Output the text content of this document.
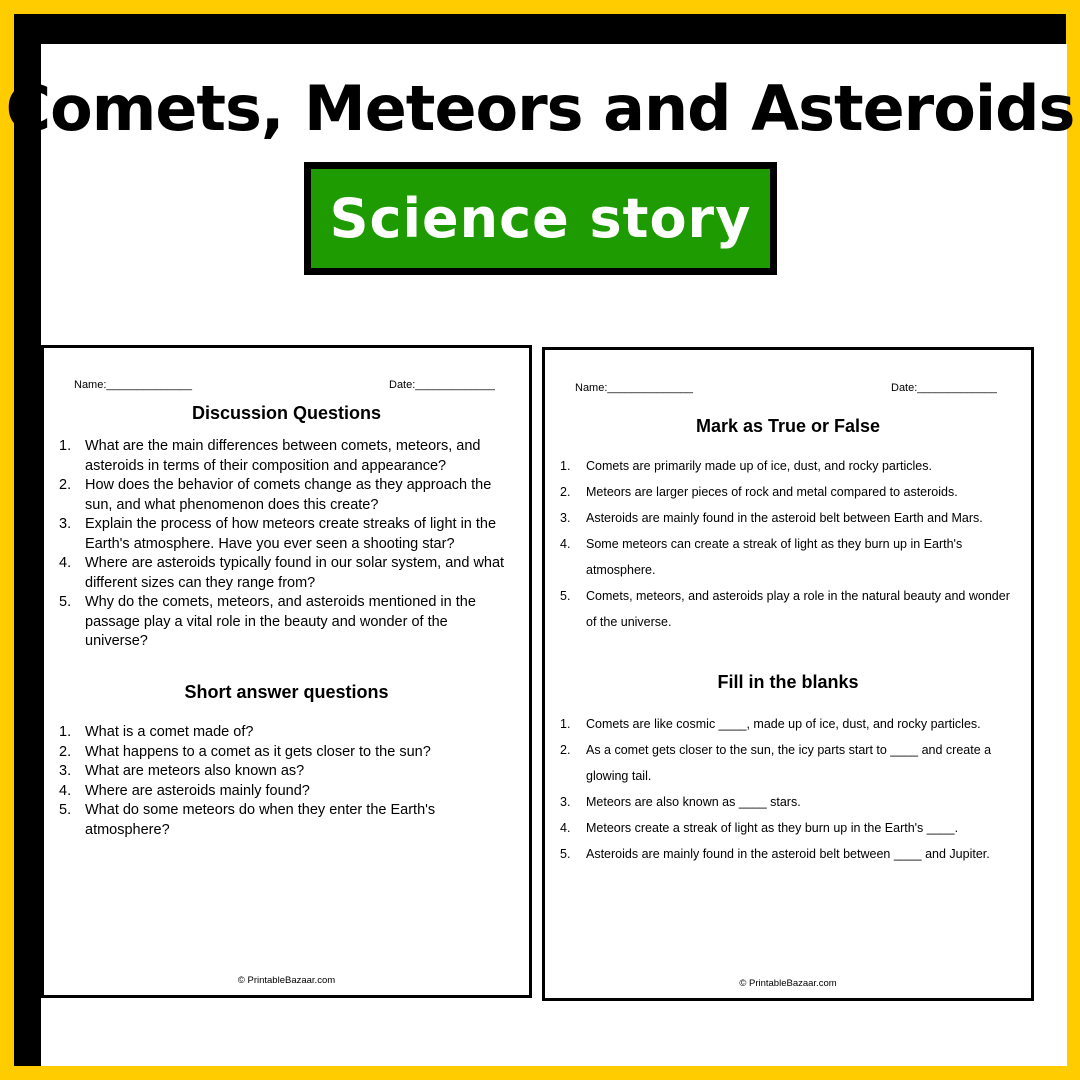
Comets, Meteors and Asteroids
Science story
Name:______________	Date:_____________
Discussion Questions
1. What are the main differences between comets, meteors, and asteroids in terms of their composition and appearance?
2. How does the behavior of comets change as they approach the sun, and what phenomenon does this create?
3. Explain the process of how meteors create streaks of light in the Earth's atmosphere. Have you ever seen a shooting star?
4. Where are asteroids typically found in our solar system, and what different sizes can they range from?
5. Why do the comets, meteors, and asteroids mentioned in the passage play a vital role in the beauty and wonder of the universe?
Short answer questions
1. What is a comet made of?
2. What happens to a comet as it gets closer to the sun?
3. What are meteors also known as?
4. Where are asteroids mainly found?
5. What do some meteors do when they enter the Earth's atmosphere?
© PrintableBazaar.com
Name:______________	Date:_____________
Mark as True or False
1. Comets are primarily made up of ice, dust, and rocky particles.
2. Meteors are larger pieces of rock and metal compared to asteroids.
3. Asteroids are mainly found in the asteroid belt between Earth and Mars.
4. Some meteors can create a streak of light as they burn up in Earth's atmosphere.
5. Comets, meteors, and asteroids play a role in the natural beauty and wonder of the universe.
Fill in the blanks
1. Comets are like cosmic ____, made up of ice, dust, and rocky particles.
2. As a comet gets closer to the sun, the icy parts start to ____ and create a glowing tail.
3. Meteors are also known as ____ stars.
4. Meteors create a streak of light as they burn up in the Earth's ____.
5. Asteroids are mainly found in the asteroid belt between ____ and Jupiter.
© PrintableBazaar.com
